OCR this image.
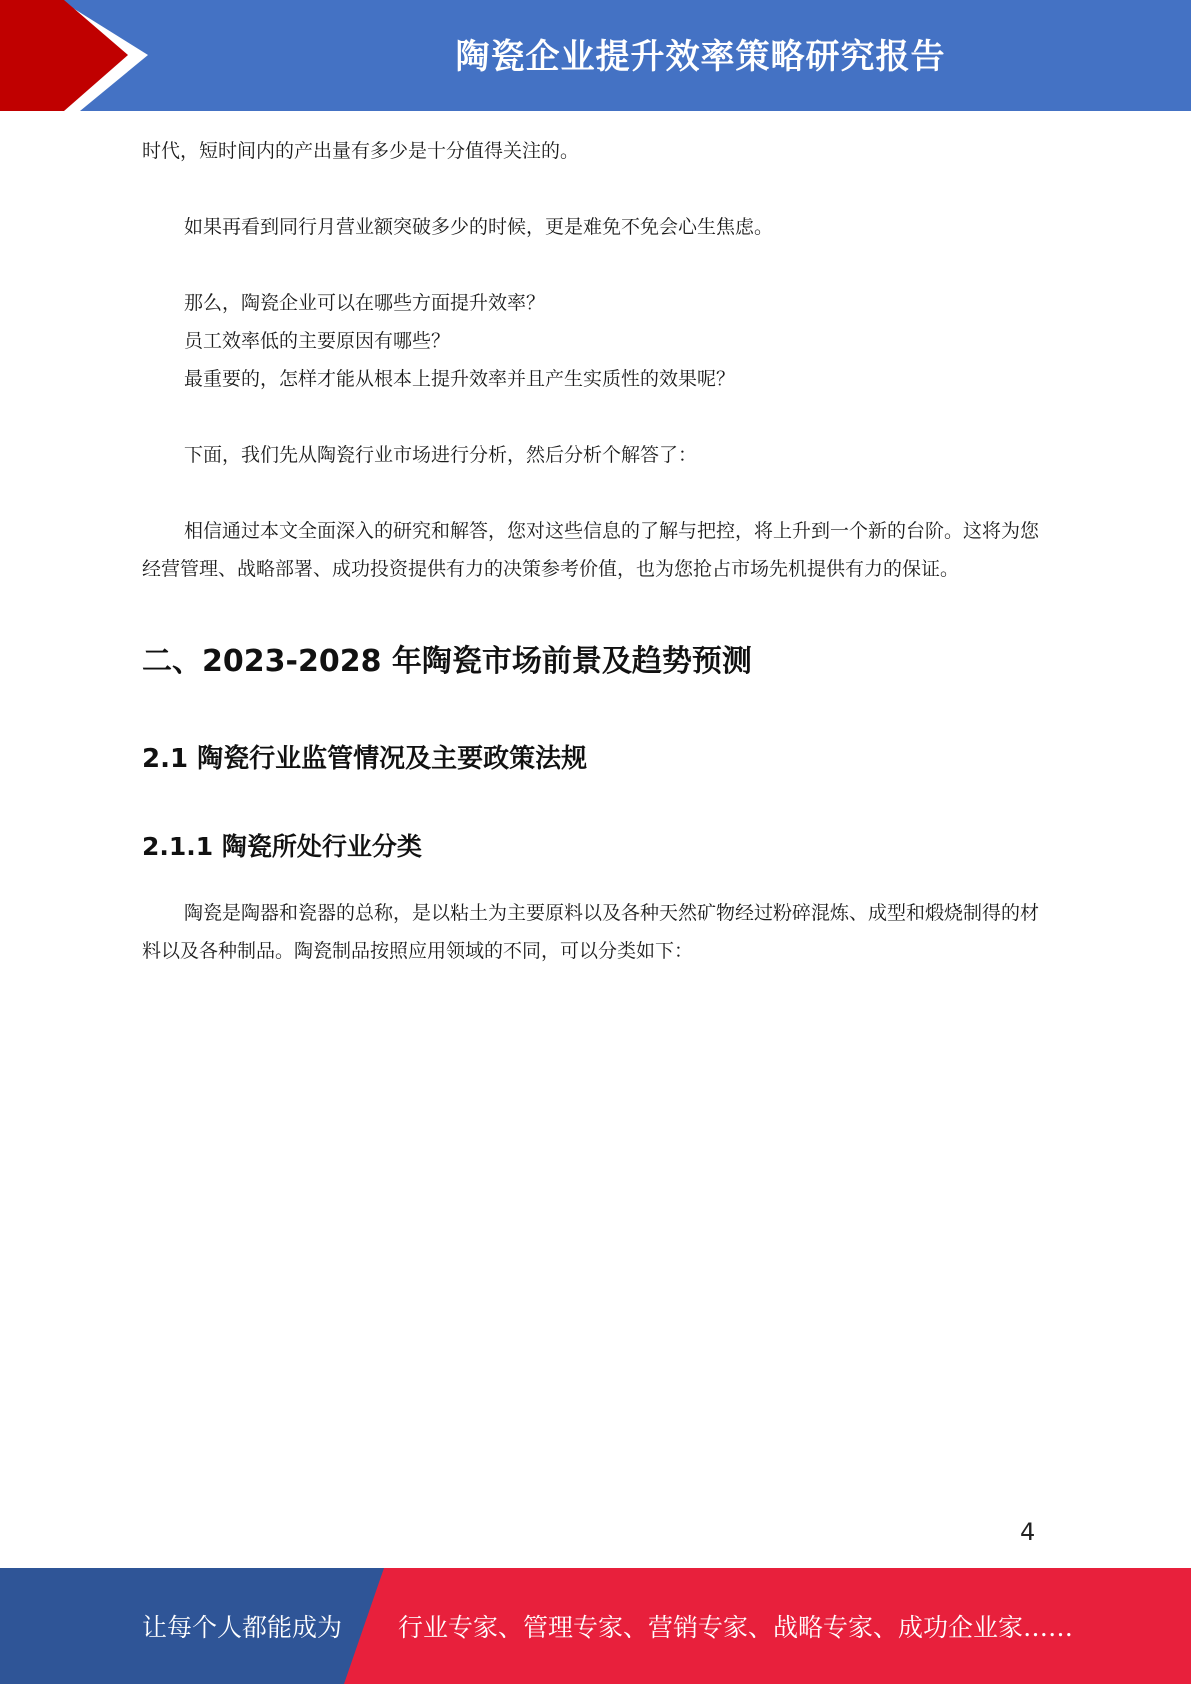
陶瓷企业提升效率策略研究报告

时代，短时间内的产出量有多少是十分值得关注的。

如果再看到同行月营业额突破多少的时候，更是难免不免会心生焦虑。

那么，陶瓷企业可以在哪些方面提升效率？

员工效率低的主要原因有哪些？

最重要的，怎样才能从根本上提升效率并且产生实质性的效果呢？

下面，我们先从陶瓷行业市场进行分析，然后分析个解答了：

相信通过本文全面深入的研究和解答，您对这些信息的了解与把控，将上升到一个新的台阶。这将为您经营管理、战略部署、成功投资提供有力的决策参考价值，也为您抢占市场先机提供有力的保证。

二、2023-2028 年陶瓷市场前景及趋势预测
2.1 陶瓷行业监管情况及主要政策法规
2.1.1 陶瓷所处行业分类

陶瓷是陶器和瓷器的总称，是以粘土为主要原料以及各种天然矿物经过粉碎混炼、成型和煅烧制得的材料以及各种制品。陶瓷制品按照应用领域的不同，可以分类如下：

4
让每个人都能成为 行业专家、管理专家、营销专家、战略专家、成功企业家……
